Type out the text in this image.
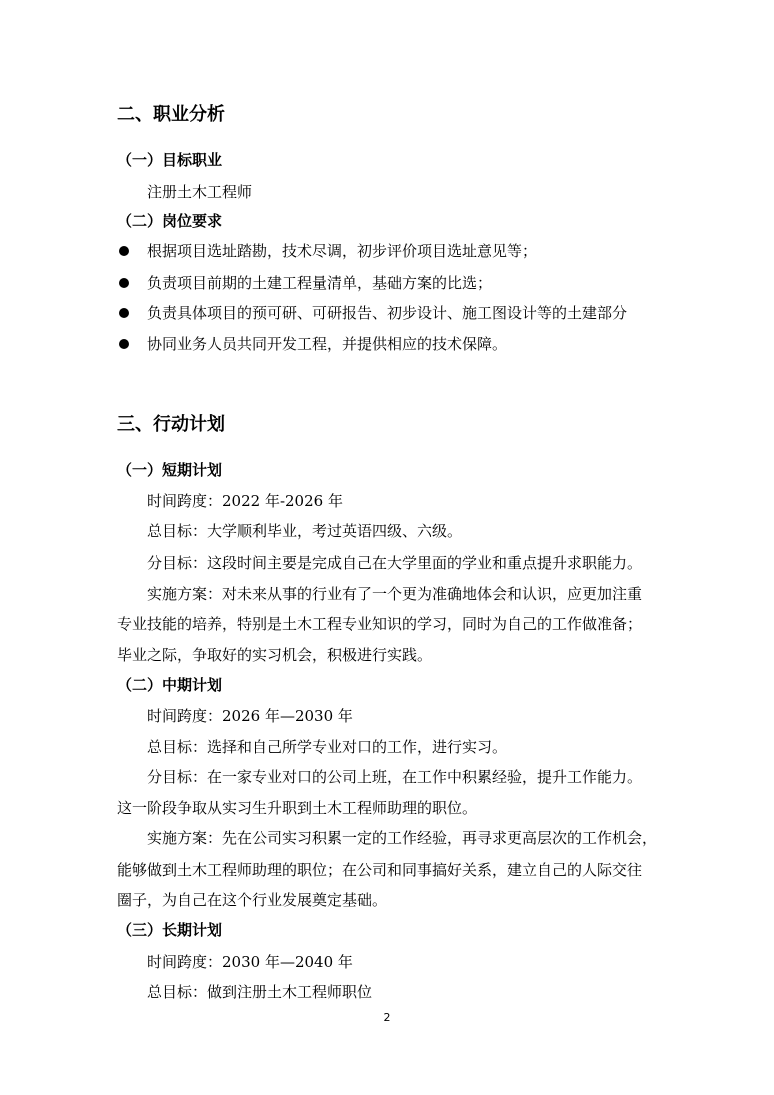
二、职业分析
（一）目标职业
注册土木工程师
（二）岗位要求
根据项目选址踏勘，技术尽调，初步评价项目选址意见等；
负责项目前期的土建工程量清单，基础方案的比选；
负责具体项目的预可研、可研报告、初步设计、施工图设计等的土建部分
协同业务人员共同开发工程，并提供相应的技术保障。
三、行动计划
（一）短期计划
时间跨度：2022 年-2026 年
总目标：大学顺利毕业，考过英语四级、六级。
分目标：这段时间主要是完成自己在大学里面的学业和重点提升求职能力。
实施方案：对未来从事的行业有了一个更为准确地体会和认识，应更加注重
专业技能的培养，特别是土木工程专业知识的学习，同时为自己的工作做准备；
毕业之际，争取好的实习机会，积极进行实践。
（二）中期计划
时间跨度：2026 年—2030 年
总目标：选择和自己所学专业对口的工作，进行实习。
分目标：在一家专业对口的公司上班，在工作中积累经验，提升工作能力。
这一阶段争取从实习生升职到土木工程师助理的职位。
实施方案：先在公司实习积累一定的工作经验，再寻求更高层次的工作机会，
能够做到土木工程师助理的职位；在公司和同事搞好关系，建立自己的人际交往
圈子，为自己在这个行业发展奠定基础。
（三）长期计划
时间跨度：2030 年—2040 年
总目标：做到注册土木工程师职位
2
